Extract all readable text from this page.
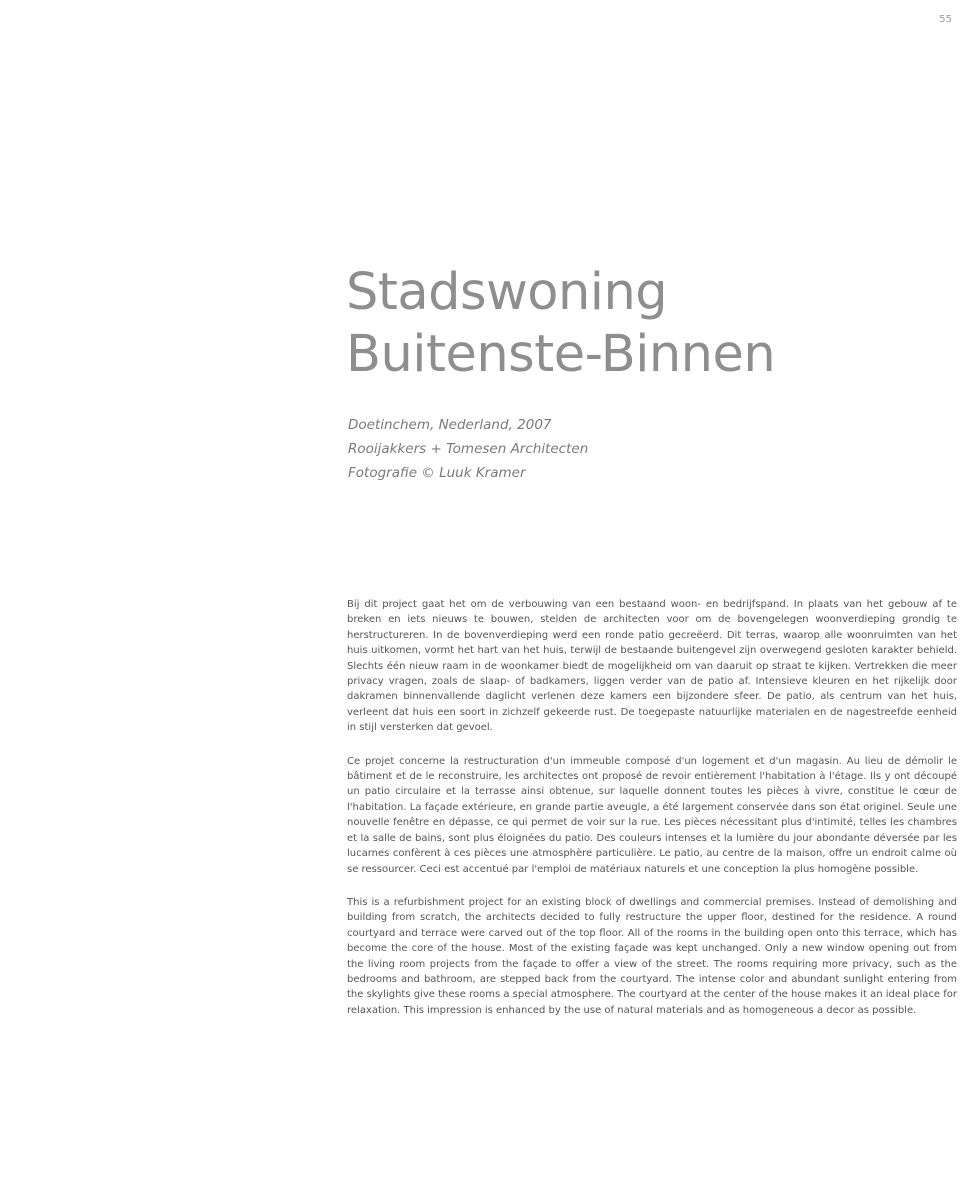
55
Stadswoning
Buitenste-Binnen
Doetinchem, Nederland, 2007
Rooijakkers + Tomesen Architecten
Fotografie © Luuk Kramer

Bij dit project gaat het om de verbouwing van een bestaand woon- en bedrijfspand. In plaats van het gebouw af te breken en iets nieuws te bouwen, stelden de architecten voor om de bovengelegen woonverdieping grondig te herstructureren. In de bovenverdieping werd een ronde patio gecreëerd. Dit terras, waarop alle woonruimten van het huis uitkomen, vormt het hart van het huis, terwijl de bestaande buitengevel zijn overwegend gesloten karakter behield. Slechts één nieuw raam in de woonkamer biedt de mogelijkheid om van daaruit op straat te kijken. Vertrekken die meer privacy vragen, zoals de slaap- of badkamers, liggen verder van de patio af. Intensieve kleuren en het rijkelijk door dakramen binnenvallende daglicht verlenen deze kamers een bijzondere sfeer. De patio, als centrum van het huis, verleent dat huis een soort in zichzelf gekeerde rust. De toegepaste natuurlijke materialen en de nagestreefde eenheid in stijl versterken dat gevoel.

Ce projet concerne la restructuration d'un immeuble composé d'un logement et d'un magasin. Au lieu de démolir le bâtiment et de le reconstruire, les architectes ont proposé de revoir entièrement l'habitation à l'étage. Ils y ont découpé un patio circulaire et la terrasse ainsi obtenue, sur laquelle donnent toutes les pièces à vivre, constitue le cœur de l'habitation. La façade extérieure, en grande partie aveugle, a été largement conservée dans son état originel. Seule une nouvelle fenêtre en dépasse, ce qui permet de voir sur la rue. Les pièces nécessitant plus d'intimité, telles les chambres et la salle de bains, sont plus éloignées du patio. Des couleurs intenses et la lumière du jour abondante déversée par les lucarnes confèrent à ces pièces une atmosphère particulière. Le patio, au centre de la maison, offre un endroit calme où se ressourcer. Ceci est accentué par l'emploi de matériaux naturels et une conception la plus homogène possible.

This is a refurbishment project for an existing block of dwellings and commercial premises. Instead of demolishing and building from scratch, the architects decided to fully restructure the upper floor, destined for the residence. A round courtyard and terrace were carved out of the top floor. All of the rooms in the building open onto this terrace, which has become the core of the house. Most of the existing façade was kept unchanged. Only a new window opening out from the living room projects from the façade to offer a view of the street. The rooms requiring more privacy, such as the bedrooms and bathroom, are stepped back from the courtyard. The intense color and abundant sunlight entering from the skylights give these rooms a special atmosphere. The courtyard at the center of the house makes it an ideal place for relaxation. This impression is enhanced by the use of natural materials and as homogeneous a decor as possible.
